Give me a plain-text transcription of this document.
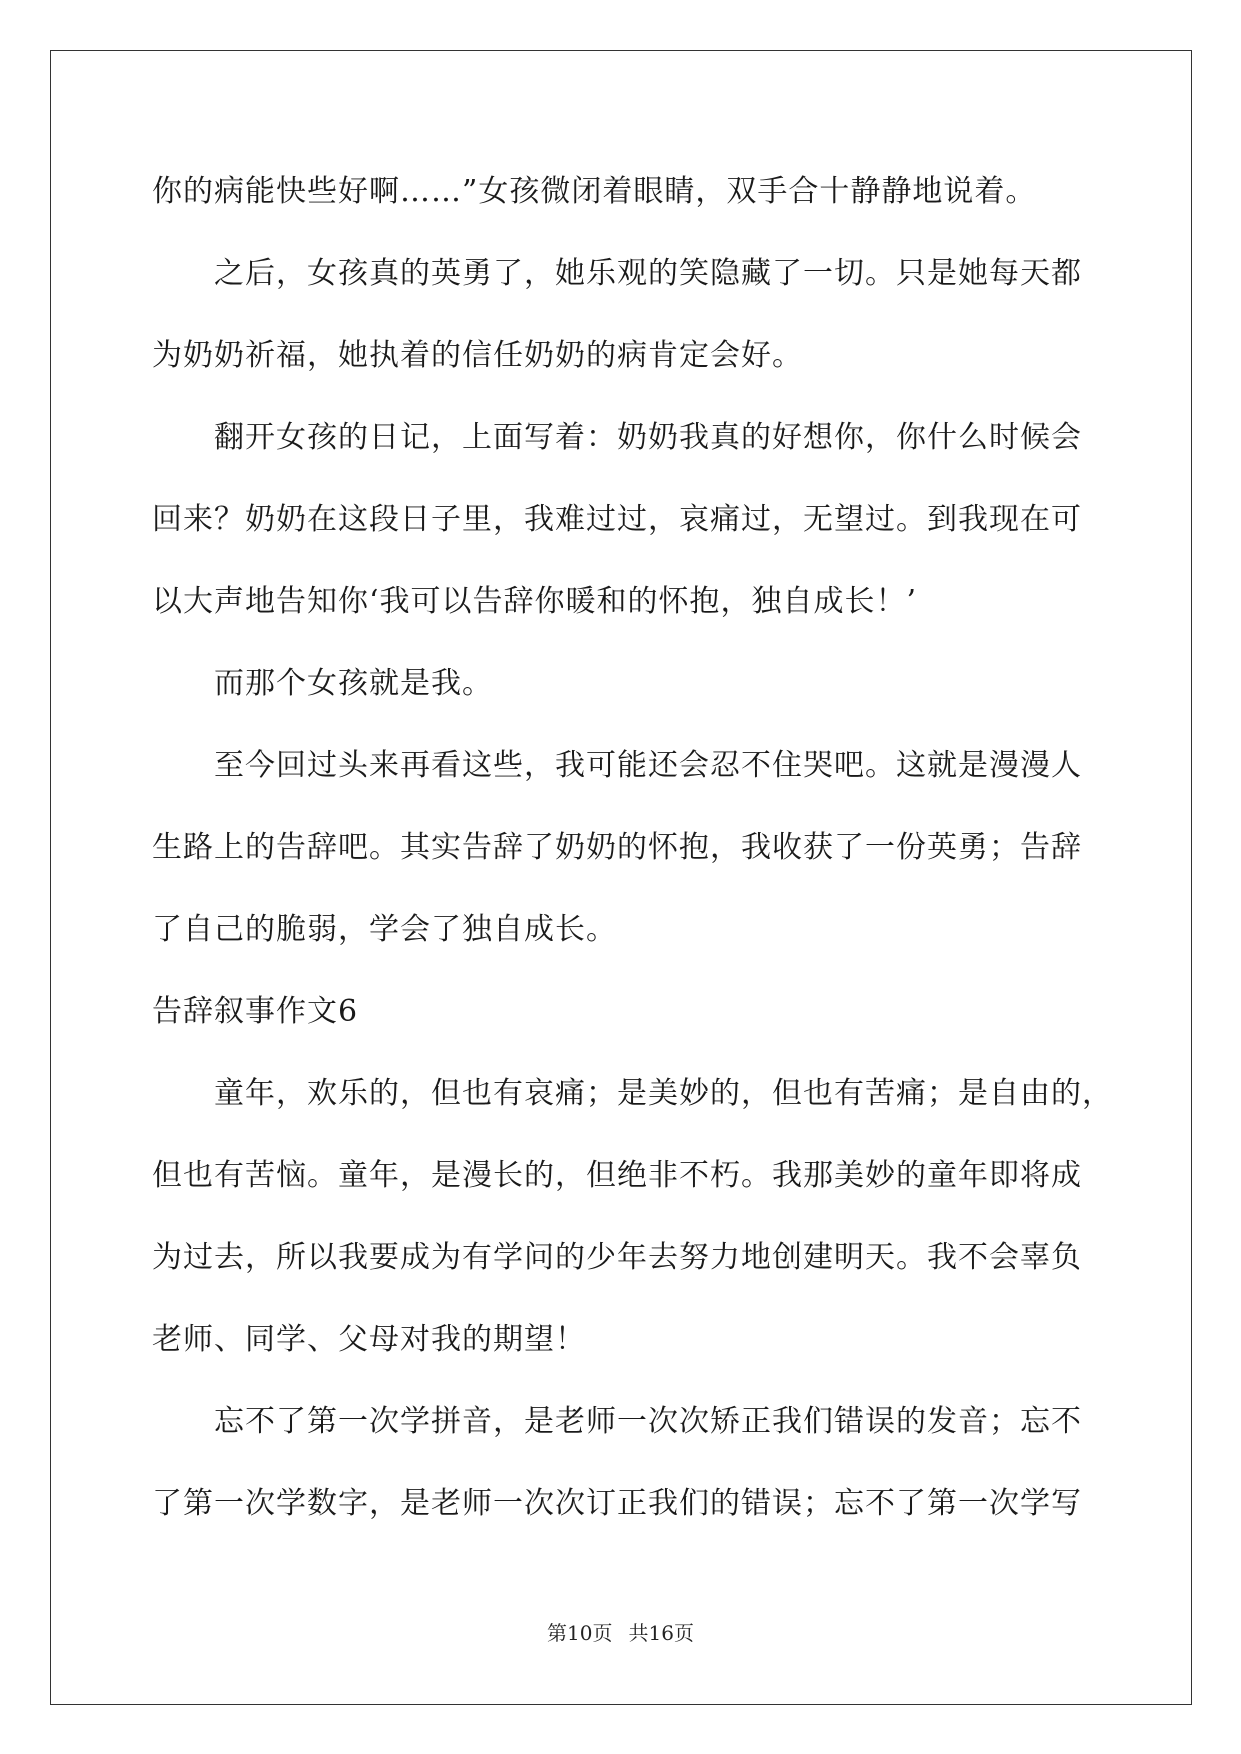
你的病能快些好啊……”女孩微闭着眼睛，双手合十静静地说着。
之后，女孩真的英勇了，她乐观的笑隐藏了一切。只是她每天都
为奶奶祈福，她执着的信任奶奶的病肯定会好。
翻开女孩的日记，上面写着：奶奶我真的好想你，你什么时候会
回来？奶奶在这段日子里，我难过过，哀痛过，无望过。到我现在可
以大声地告知你‘我可以告辞你暖和的怀抱，独自成长！’
而那个女孩就是我。
至今回过头来再看这些，我可能还会忍不住哭吧。这就是漫漫人
生路上的告辞吧。其实告辞了奶奶的怀抱，我收获了一份英勇；告辞
了自己的脆弱，学会了独自成长。
告辞叙事作文6
童年，欢乐的，但也有哀痛；是美妙的，但也有苦痛；是自由的，
但也有苦恼。童年，是漫长的，但绝非不朽。我那美妙的童年即将成
为过去，所以我要成为有学问的少年去努力地创建明天。我不会辜负
老师、同学、父母对我的期望！
忘不了第一次学拼音，是老师一次次矫正我们错误的发音；忘不
了第一次学数字，是老师一次次订正我们的错误；忘不了第一次学写
第10页 共16页
